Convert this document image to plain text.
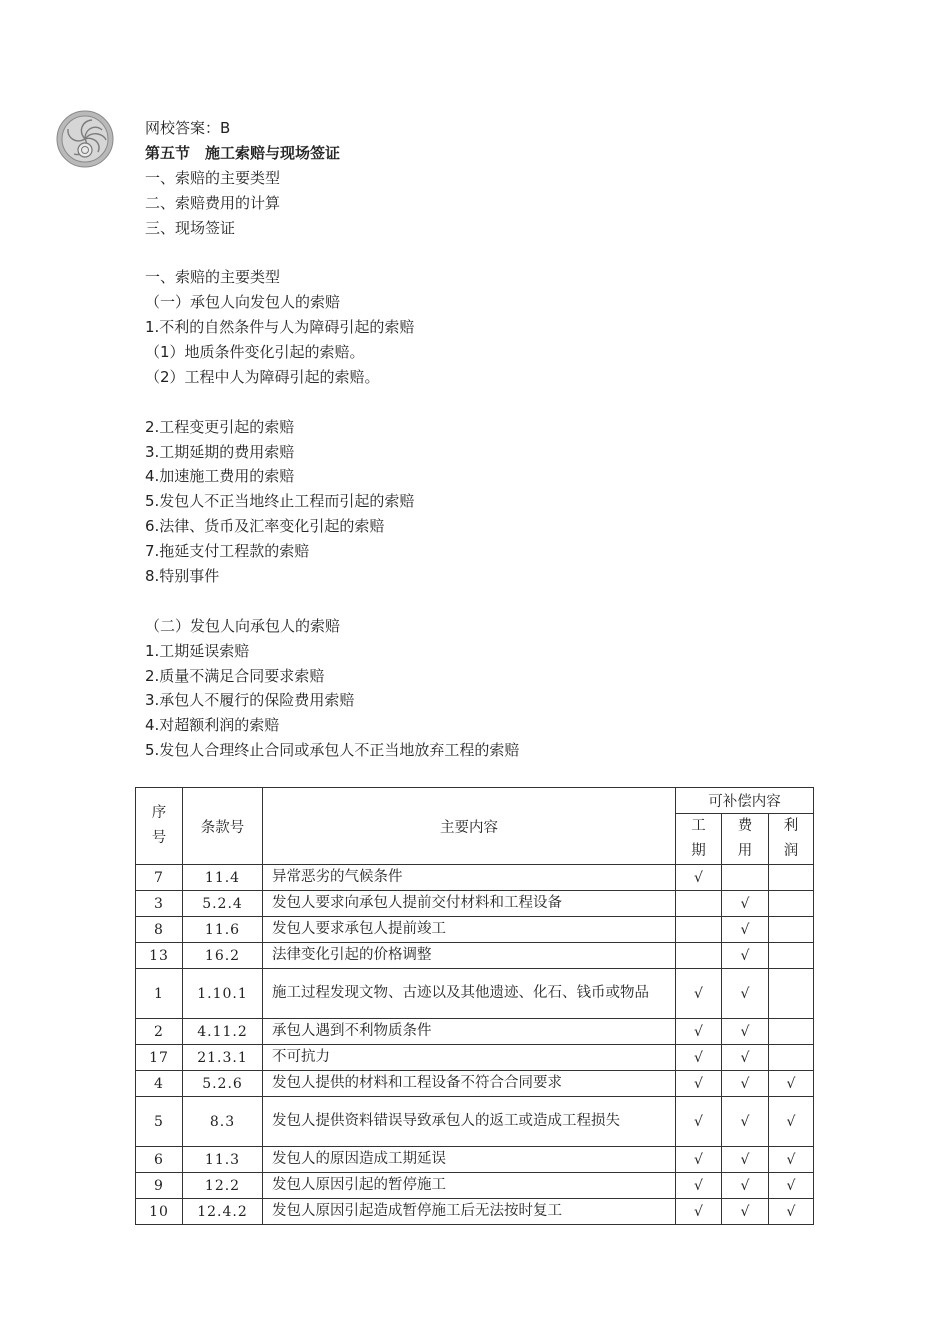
网校答案：B
第五节　施工索赔与现场签证
一、索赔的主要类型
二、索赔费用的计算
三、现场签证
一、索赔的主要类型
（一）承包人向发包人的索赔
1.不利的自然条件与人为障碍引起的索赔
（1）地质条件变化引起的索赔。
（2）工程中人为障碍引起的索赔。
2.工程变更引起的索赔
3.工期延期的费用索赔
4.加速施工费用的索赔
5.发包人不正当地终止工程而引起的索赔
6.法律、货币及汇率变化引起的索赔
7.拖延支付工程款的索赔
8.特别事件
（二）发包人向承包人的索赔
1.工期延误索赔
2.质量不满足合同要求索赔
3.承包人不履行的保险费用索赔
4.对超额利润的索赔
5.发包人合理终止合同或承包人不正当地放弃工程的索赔
序号	条款号	主要内容	可补偿内容		
			工期	费用	利润
7	11.4	异常恶劣的气候条件	√		
3	5.2.4	发包人要求向承包人提前交付材料和工程设备		√	
8	11.6	发包人要求承包人提前竣工		√	
13	16.2	法律变化引起的价格调整		√	
1	1.10.1	施工过程发现文物、古迹以及其他遗迹、化石、钱币或物品	√	√	
2	4.11.2	承包人遇到不利物质条件	√	√	
17	21.3.1	不可抗力	√	√	
4	5.2.6	发包人提供的材料和工程设备不符合合同要求	√	√	√
5	8.3	发包人提供资料错误导致承包人的返工或造成工程损失	√	√	√
6	11.3	发包人的原因造成工期延误	√	√	√
9	12.2	发包人原因引起的暂停施工	√	√	√
10	12.4.2	发包人原因引起造成暂停施工后无法按时复工	√	√	√
